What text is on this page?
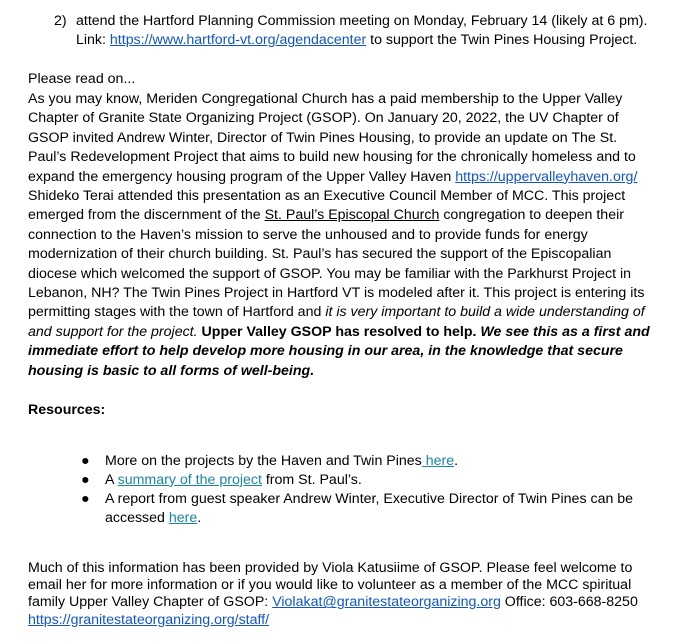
2) attend the Hartford Planning Commission meeting on Monday, February 14 (likely at 6 pm). Link: https://www.hartford-vt.org/agendacenter to support the Twin Pines Housing Project.
Please read on...
As you may know, Meriden Congregational Church has a paid membership to the Upper Valley Chapter of Granite State Organizing Project (GSOP). On January 20, 2022, the UV Chapter of GSOP invited Andrew Winter, Director of Twin Pines Housing, to provide an update on The St. Paul’s Redevelopment Project that aims to build new housing for the chronically homeless and to expand the emergency housing program of the Upper Valley Haven https://uppervalleyhaven.org/ Shideko Terai attended this presentation as an Executive Council Member of MCC. This project emerged from the discernment of the St. Paul’s Episcopal Church congregation to deepen their connection to the Haven’s mission to serve the unhoused and to provide funds for energy modernization of their church building. St. Paul’s has secured the support of the Episcopalian diocese which welcomed the support of GSOP. You may be familiar with the Parkhurst Project in Lebanon, NH? The Twin Pines Project in Hartford VT is modeled after it. This project is entering its permitting stages with the town of Hartford and it is very important to build a wide understanding of and support for the project. Upper Valley GSOP has resolved to help. We see this as a first and immediate effort to help develop more housing in our area, in the knowledge that secure housing is basic to all forms of well-being.
Resources:
● More on the projects by the Haven and Twin Pines here.
● A summary of the project from St. Paul’s.
● A report from guest speaker Andrew Winter, Executive Director of Twin Pines can be accessed here.
Much of this information has been provided by Viola Katusiime of GSOP. Please feel welcome to email her for more information or if you would like to volunteer as a member of the MCC spiritual family Upper Valley Chapter of GSOP: Violakat@granitestateorganizing.org Office: 603-668-8250 https://granitestateorganizing.org/staff/
